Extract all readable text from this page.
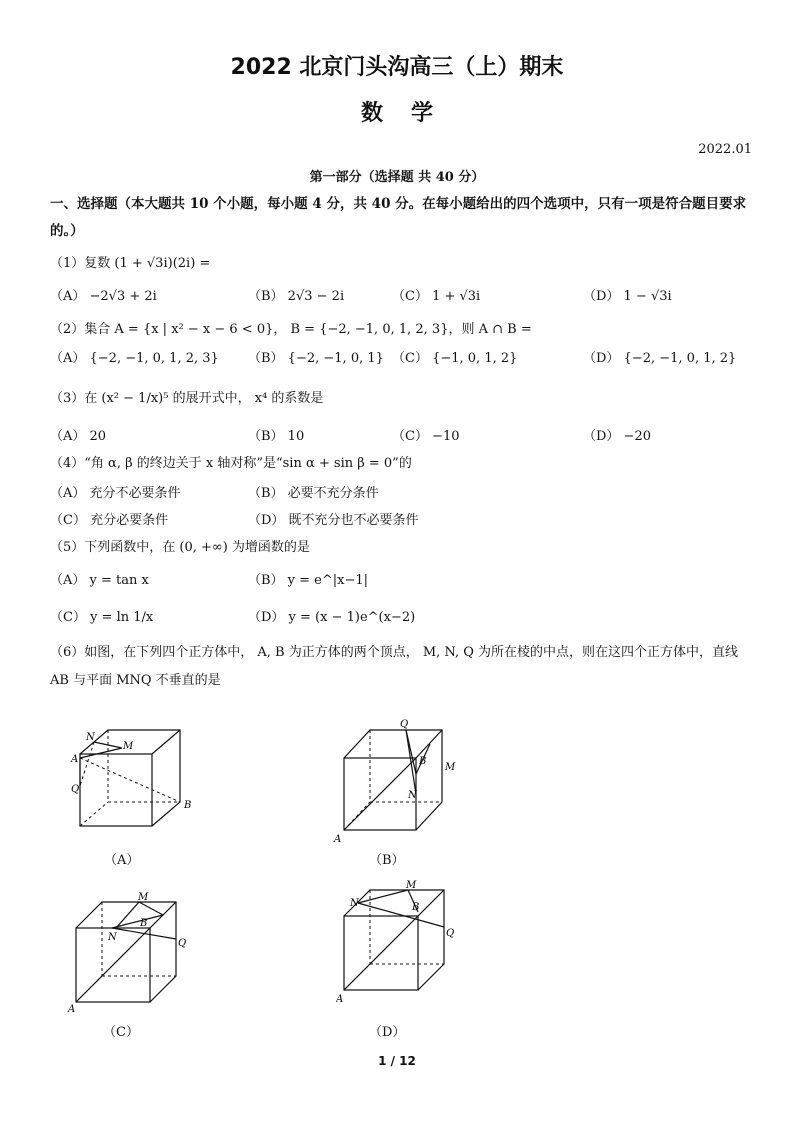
2022 北京门头沟高三（上）期末
数学
2022.01
第一部分（选择题 共 40 分）
一、选择题（本大题共 10 个小题，每小题 4 分，共 40 分。在每小题给出的四个选项中，只有一项是符合题目要求的。）
（1）复数 (1 + √3i)(2i) =
（A） −2√3 + 2i	（B） 2√3 − 2i	（C） 1 + √3i	（D） 1 − √3i
（2）集合 A = {x | x² − x − 6 < 0}， B = {−2, −1, 0, 1, 2, 3}，则 A ∩ B =
（A） {−2, −1, 0, 1, 2, 3} （B） {−2, −1, 0, 1} （C） {−1, 0, 1, 2}	（D） {−2, −1, 0, 1, 2}
（3）在 (x² − 1/x)⁵ 的展开式中， x⁴ 的系数是
（A） 20	（B） 10	（C） −10	（D） −20
（4）“角 α, β 的终边关于 x 轴对称”是“sin α + sin β = 0”的
（A） 充分不必要条件	（B） 必要不充分条件
（C） 充分必要条件	（D） 既不充分也不必要条件
（5）下列函数中，在 (0, +∞) 为增函数的是
（A） y = tan x	（B） y = e^|x−1|
（C） y = ln 1/x	（D） y = (x − 1)e^(x−2)
（6）如图，在下列四个正方体中， A, B 为正方体的两个顶点， M, N, Q 为所在棱的中点，则在这四个正方体中，直线 AB 与平面 MNQ 不垂直的是
N
M
A
Q
B
（A）
Q
B
M
N
A
（B）
M
B
N
Q
A
（C）
M
N	B
Q
A
（D）
1 / 12
